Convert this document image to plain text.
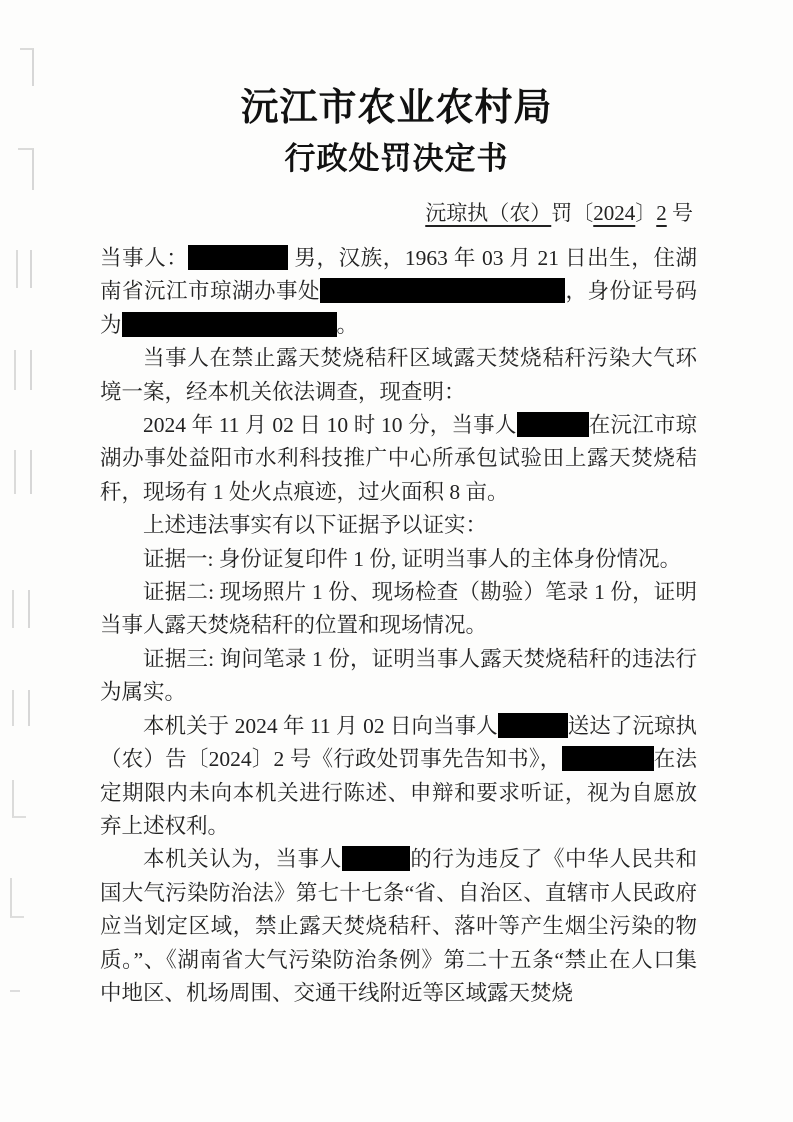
沅江市农业农村局
行政处罚决定书
沅琼执（农）罚〔2024〕2 号

当事人：	男，汉族，1963 年 03 月 21 日出生，住湖南省沅江市琼湖办事处	，身份证号码为	。

当事人在禁止露天焚烧秸秆区域露天焚烧秸秆污染大气环境一案，经本机关依法调查，现查明：

2024 年 11 月 02 日 10 时 10 分，当事人	在沅江市琼湖办事处益阳市水利科技推广中心所承包试验田上露天焚烧秸秆，现场有 1 处火点痕迹，过火面积 8 亩。

上述违法事实有以下证据予以证实：

证据一: 身份证复印件 1 份, 证明当事人的主体身份情况。

证据二: 现场照片 1 份、现场检查（勘验）笔录 1 份，证明当事人露天焚烧秸秆的位置和现场情况。

证据三: 询问笔录 1 份，证明当事人露天焚烧秸秆的违法行为属实。

本机关于 2024 年 11 月 02 日向当事人	送达了沅琼执（农）告〔2024〕2 号《行政处罚事先告知书》，	在法定期限内未向本机关进行陈述、申辩和要求听证，视为自愿放弃上述权利。

本机关认为，当事人	的行为违反了《中华人民共和国大气污染防治法》第七十七条“省、自治区、直辖市人民政府应当划定区域，禁止露天焚烧秸秆、落叶等产生烟尘污染的物质。”、《湖南省大气污染防治条例》第二十五条“禁止在人口集中地区、机场周围、交通干线附近等区域露天焚烧
